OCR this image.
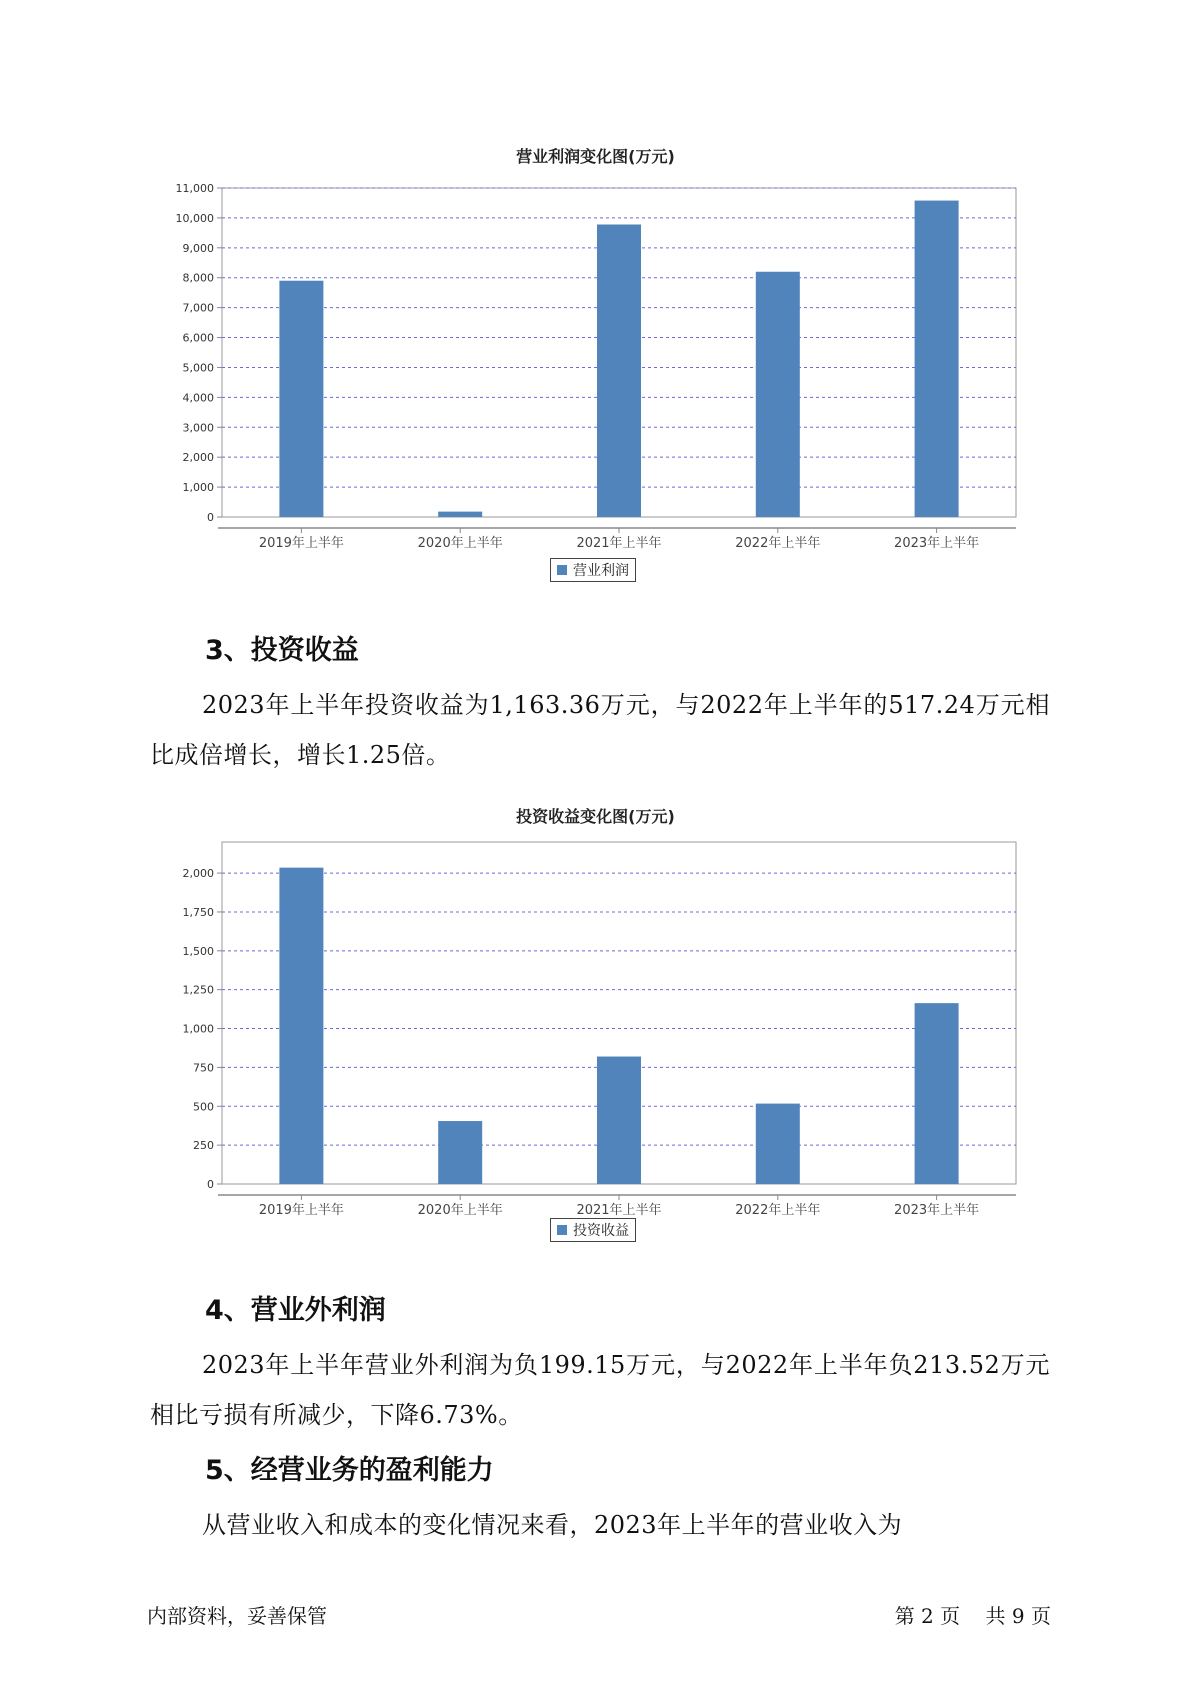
营业利润变化图(万元)
0
1,000
2,000
3,000
4,000
5,000
6,000
7,000
8,000
9,000
10,000
11,000
2019年上半年	2020年上半年	2021年上半年	2022年上半年	2023年上半年
营业利润
3、投资收益
2023年上半年投资收益为1,163.36万元，与2022年上半年的517.24万元相比成倍增长，增长1.25倍。
投资收益变化图(万元)
0
250
500
750
1,000
1,250
1,500
1,750
2,000
2019年上半年	2020年上半年	2021年上半年	2022年上半年	2023年上半年
投资收益
4、营业外利润
2023年上半年营业外利润为负199.15万元，与2022年上半年负213.52万元相比亏损有所减少，下降6.73%。
5、经营业务的盈利能力
从营业收入和成本的变化情况来看，2023年上半年的营业收入为
内部资料，妥善保管	第 2 页    共 9 页
